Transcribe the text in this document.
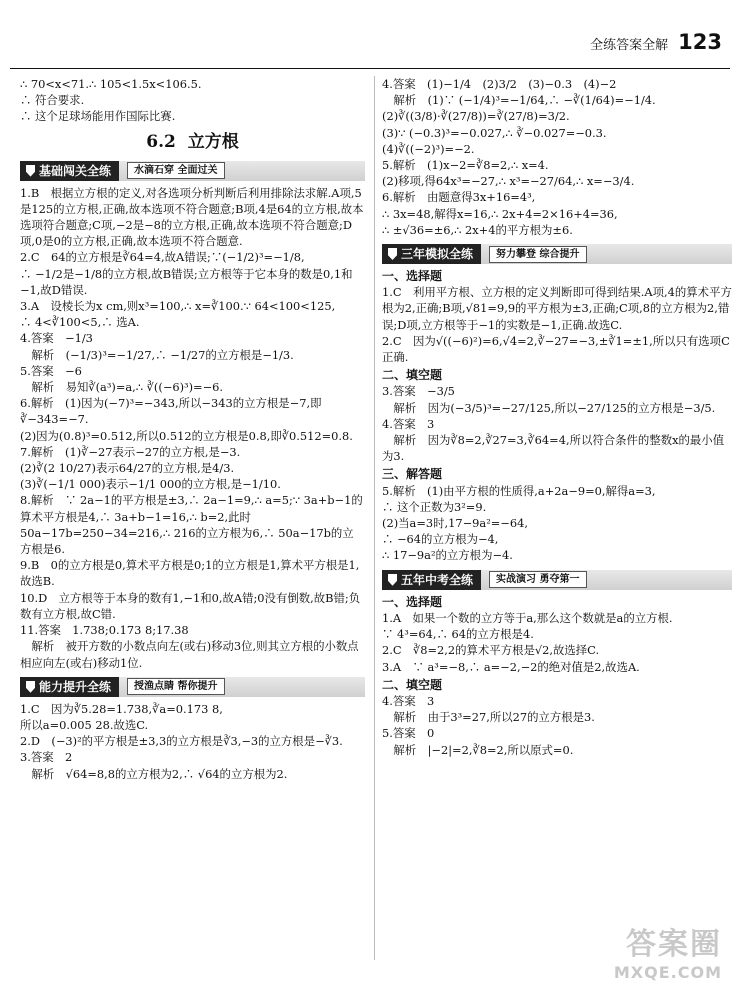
全练答案全解 123

∴ 70<x<71.∴ 105<1.5x<106.5.

∴ 符合要求.

∴ 这个足球场能用作国际比赛.

6.2 立方根
基础闯关全练	水滴石穿 全面过关

1.B　根据立方根的定义,对各选项分析判断后利用排除法求解.A项,5是125的立方根,正确,故本选项不符合题意;B项,4是64的立方根,故本选项符合题意;C项,−2是−8的立方根,正确,故本选项不符合题意;D项,0是0的立方根,正确,故本选项不符合题意.

2.C　64的立方根是∛64=4,故A错误;∵(−1/2)³=−1/8,

∴ −1/2是−1/8的立方根,故B错误;立方根等于它本身的数是0,1和−1,故D错误.

3.A　设棱长为x cm,则x³=100,∴ x=∛100.∵ 64<100<125,

∴ 4<∛100<5,∴ 选A.

4.答案　−1/3

　解析　(−1/3)³=−1/27,∴ −1/27的立方根是−1/3.

5.答案　−6

　解析　易知∛(a³)=a,∴ ∛((−6)³)=−6.

6.解析　(1)因为(−7)³=−343,所以−343的立方根是−7,即∛−343=−7.

(2)因为(0.8)³=0.512,所以0.512的立方根是0.8,即∛0.512=0.8.

7.解析　(1)∛−27表示−27的立方根,是−3.

(2)∛(2 10/27)表示64/27的立方根,是4/3.

(3)∛(−1/1 000)表示−1/1 000的立方根,是−1/10.

8.解析　∵ 2a−1的平方根是±3,∴ 2a−1=9,∴ a=5;∵ 3a+b−1的算术平方根是4,∴ 3a+b−1=16,∴ b=2,此时50a−17b=250−34=216,∴ 216的立方根为6,∴ 50a−17b的立方根是6.

9.B　0的立方根是0,算术平方根是0;1的立方根是1,算术平方根是1,故选B.

10.D　立方根等于本身的数有1,−1和0,故A错;0没有倒数,故B错;负数有立方根,故C错.

11.答案　1.738;0.173 8;17.38

　解析　被开方数的小数点向左(或右)移动3位,则其立方根的小数点相应向左(或右)移动1位.

能力提升全练	授渔点睛 帮你提升

1.C　因为∛5.28=1.738,∛a=0.173 8,

所以a=0.005 28.故选C.

2.D　(−3)²的平方根是±3,3的立方根是∛3,−3的立方根是−∛3.

3.答案　2

　解析　√64=8,8的立方根为2,∴ √64的立方根为2.

4.答案　(1)−1/4　(2)3/2　(3)−0.3　(4)−2

　解析　(1)∵ (−1/4)³=−1/64,∴ −∛(1/64)=−1/4.

(2)∛((3/8)·∛(27/8))=∛(27/8)=3/2.

(3)∵ (−0.3)³=−0.027,∴ ∛−0.027=−0.3.

(4)∛((−2)³)=−2.

5.解析　(1)x−2=∛8=2,∴ x=4.

(2)移项,得64x³=−27,∴ x³=−27/64,∴ x=−3/4.

6.解析　由题意得3x+16=4³,

∴ 3x=48,解得x=16,∴ 2x+4=2×16+4=36,

∴ ±√36=±6,∴ 2x+4的平方根为±6.

三年模拟全练	努力攀登 综合提升
一、选择题

1.C　利用平方根、立方根的定义判断即可得到结果.A项,4的算术平方根为2,正确;B项,√81=9,9的平方根为±3,正确;C项,8的立方根为2,错误;D项,立方根等于−1的实数是−1,正确.故选C.

2.C　因为√((−6)²)=6,√4=2,∛−27=−3,±∛1=±1,所以只有选项C正确.

二、填空题

3.答案　−3/5

　解析　因为(−3/5)³=−27/125,所以−27/125的立方根是−3/5.

4.答案　3

　解析　因为∛8=2,∛27=3,∛64=4,所以符合条件的整数x的最小值为3.

三、解答题

5.解析　(1)由平方根的性质得,a+2a−9=0,解得a=3,

∴ 这个正数为3²=9.

(2)当a=3时,17−9a²=−64,

∴ −64的立方根为−4,

∴ 17−9a²的立方根为−4.

五年中考全练	实战演习 勇夺第一
一、选择题

1.A　如果一个数的立方等于a,那么这个数就是a的立方根.

∵ 4³=64,∴ 64的立方根是4.

2.C　∛8=2,2的算术平方根是√2,故选择C.

3.A　∵ a³=−8,∴ a=−2,−2的绝对值是2,故选A.

二、填空题

4.答案　3

　解析　由于3³=27,所以27的立方根是3.

5.答案　0

　解析　|−2|=2,∛8=2,所以原式=0.

答案圈
MXQE.COM
